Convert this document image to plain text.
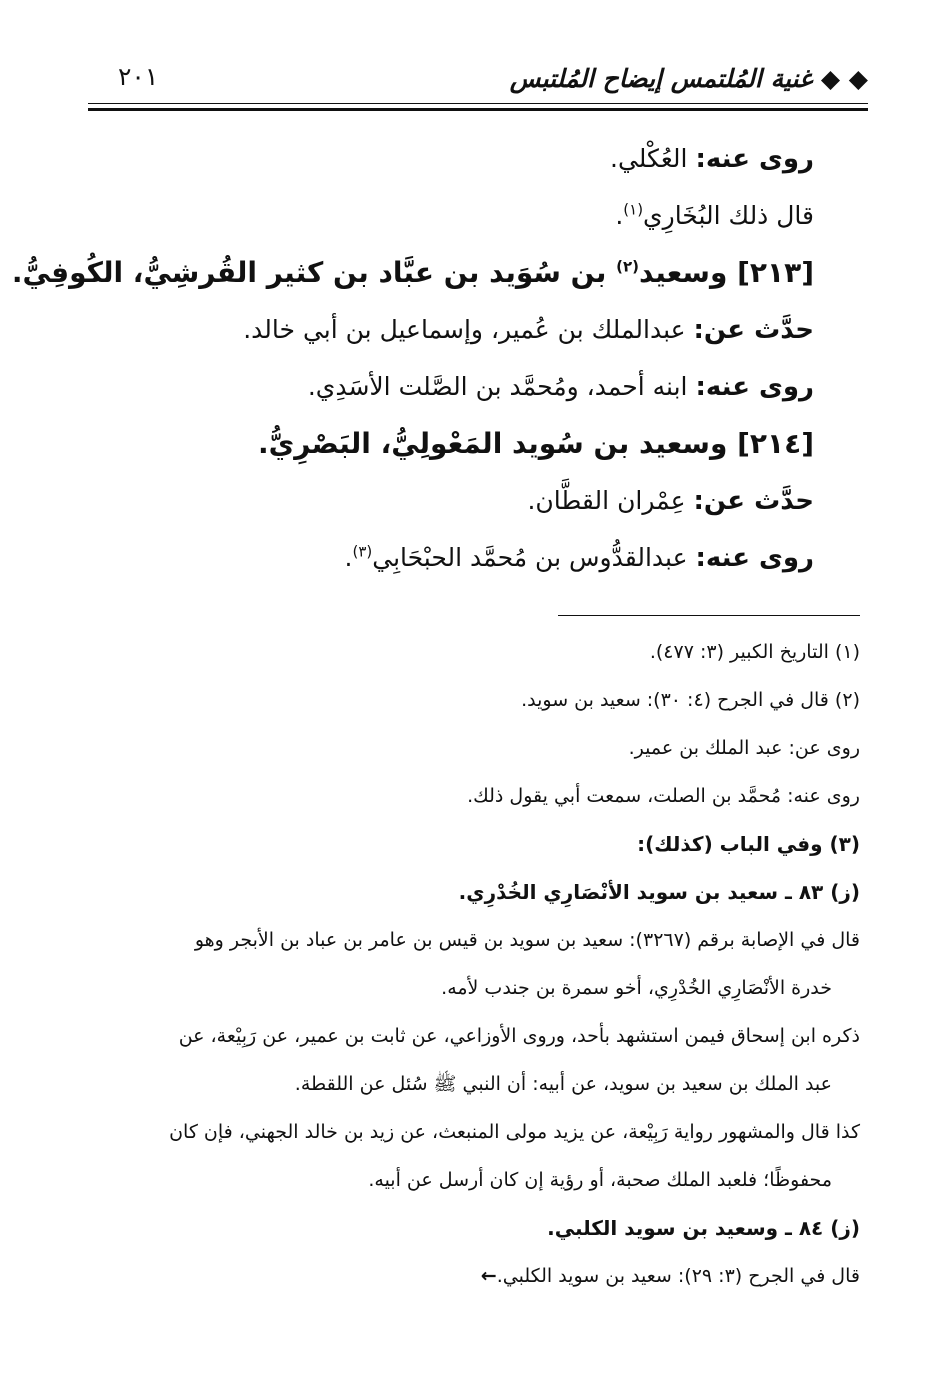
◆ ◆ غنية المُلتمس إيضاح المُلتبس
٢٠١
روى عنه: العُكْلي.
قال ذلك البُخَارِي$^{(١)}$.
[٢١٣] وسعيد$^{(٢)}$ بن سُوَيد بن عبَّاد بن كثير القُرشِيُّ، الكُوفِيُّ.
حدَّث عن: عبدالملك بن عُمير، وإسماعيل بن أبي خالد.
روى عنه: ابنه أحمد، ومُحمَّد بن الصَّلت الأسَدِي.
[٢١٤] وسعيد بن سُويد المَعْولِيُّ، البَصْرِيُّ.
حدَّث عن: عِمْران القطَّان.
روى عنه: عبدالقدُّوس بن مُحمَّد الحبْحَابِي$^{(٣)}$.
(١) التاريخ الكبير (٣: ٤٧٧).
(٢) قال في الجرح (٤: ٣٠): سعيد بن سويد.
روى عن: عبد الملك بن عمير.
روى عنه: مُحمَّد بن الصلت، سمعت أبي يقول ذلك.
(٣) وفي الباب (كذلك):
(ز) ٨٣ ـ سعيد بن سويد الأنْصَارِي الخُدْرِي.
قال في الإصابة برقم (٣٢٦٧): سعيد بن سويد بن قيس بن عامر بن عباد بن الأبجر وهو
خدرة الأنْصَارِي الخُدْرِي، أخو سمرة بن جندب لأمه.
ذكره ابن إسحاق فيمن استشهد بأحد، وروى الأوزاعي، عن ثابت بن عمير، عن رَبِيْعة، عن
عبد الملك بن سعيد بن سويد، عن أبيه: أن النبي ﷺ سُئل عن اللقطة.
كذا قال والمشهور رواية رَبِيْعة، عن يزيد مولى المنبعث، عن زيد بن خالد الجهني، فإن كان
محفوظًا؛ فلعبد الملك صحبة، أو رؤية إن كان أرسل عن أبيه.
(ز) ٨٤ ـ وسعيد بن سويد الكلبي.
قال في الجرح (٣: ٢٩): سعيد بن سويد الكلبي.←
